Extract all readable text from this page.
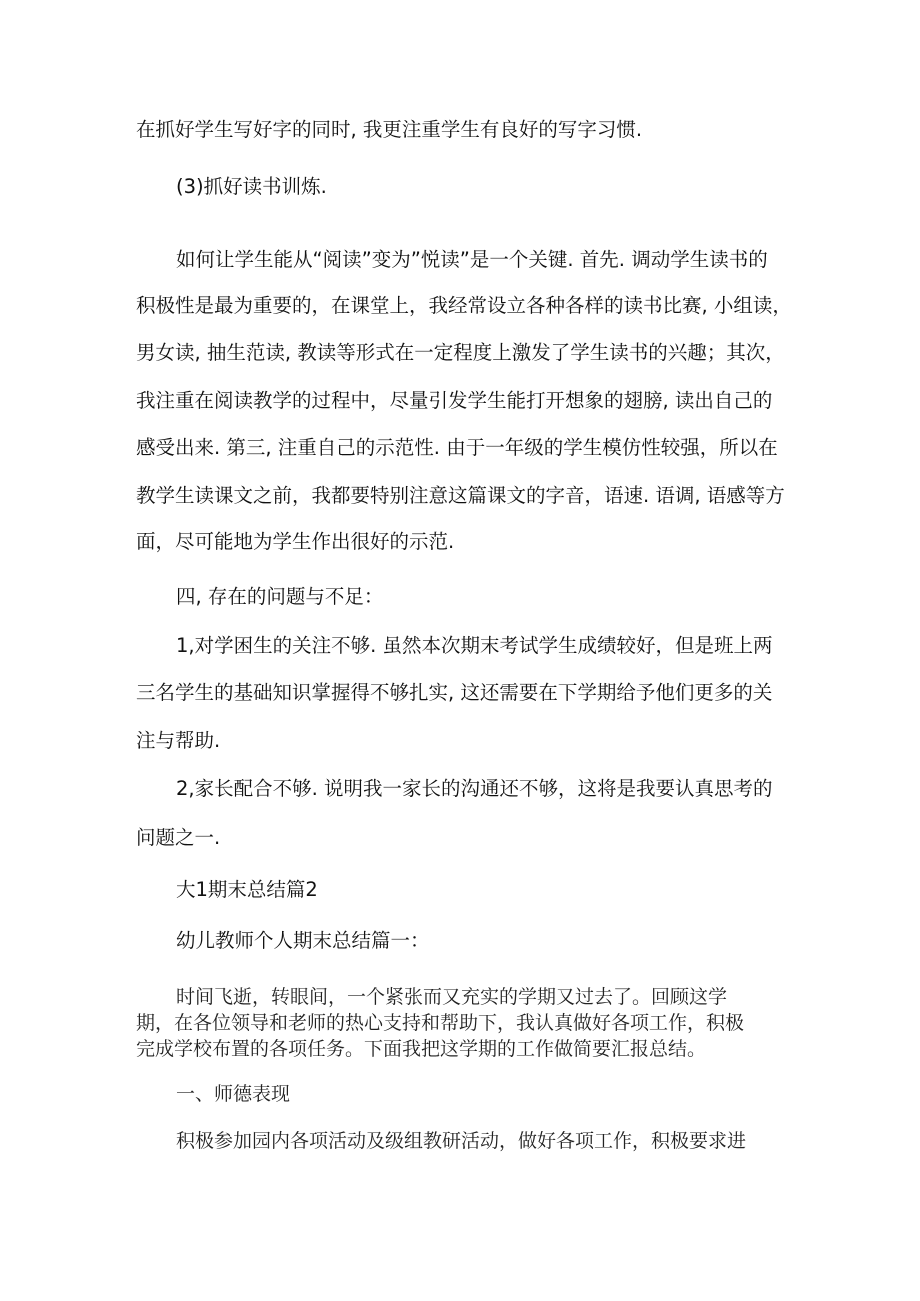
在抓好学生写好字的同时, 我更注重学生有良好的写字习惯.
(3)抓好读书训炼.
如何让学生能从“阅读”变为”悦读”是一个关键. 首先. 调动学生读书的
积极性是最为重要的，在课堂上，我经常设立各种各样的读书比赛, 小组读，
男女读, 抽生范读, 教读等形式在一定程度上激发了学生读书的兴趣；其次，
我注重在阅读教学的过程中，尽量引发学生能打开想象的翅膀, 读出自己的
感受出来. 第三, 注重自己的示范性. 由于一年级的学生模仿性较强，所以在
教学生读课文之前，我都要特别注意这篇课文的字音，语速. 语调, 语感等方
面，尽可能地为学生作出很好的示范.
四, 存在的问题与不足：
1,对学困生的关注不够. 虽然本次期末考试学生成绩较好，但是班上两
三名学生的基础知识掌握得不够扎实, 这还需要在下学期给予他们更多的关
注与帮助.
2,家长配合不够. 说明我一家长的沟通还不够，这将是我要认真思考的
问题之一.
大1期末总结篇2
幼儿教师个人期末总结篇一：
时间飞逝，转眼间，一个紧张而又充实的学期又过去了。回顾这学
期，在各位领导和老师的热心支持和帮助下，我认真做好各项工作，积极
完成学校布置的各项任务。下面我把这学期的工作做简要汇报总结。
一、师德表现
积极参加园内各项活动及级组教研活动，做好各项工作，积极要求进
